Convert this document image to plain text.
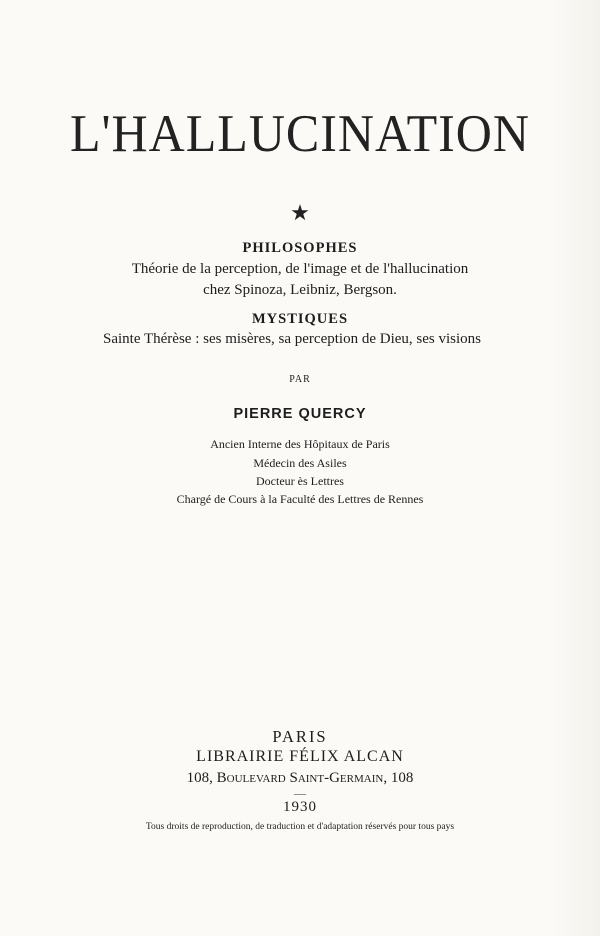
L'HALLUCINATION
★
PHILOSOPHES
Théorie de la perception, de l'image et de l'hallucination
chez Spinoza, Leibniz, Bergson.
MYSTIQUES
Sainte Thérèse : ses misères, sa perception de Dieu, ses visions
PAR
PIERRE QUERCY
Ancien Interne des Hôpitaux de Paris
Médecin des Asiles
Docteur ès Lettres
Chargé de Cours à la Faculté des Lettres de Rennes
PARIS
LIBRAIRIE FÉLIX ALCAN
108, Boulevard Saint-Germain, 108
—
1930
Tous droits de reproduction, de traduction et d'adaptation réservés pour tous pays
